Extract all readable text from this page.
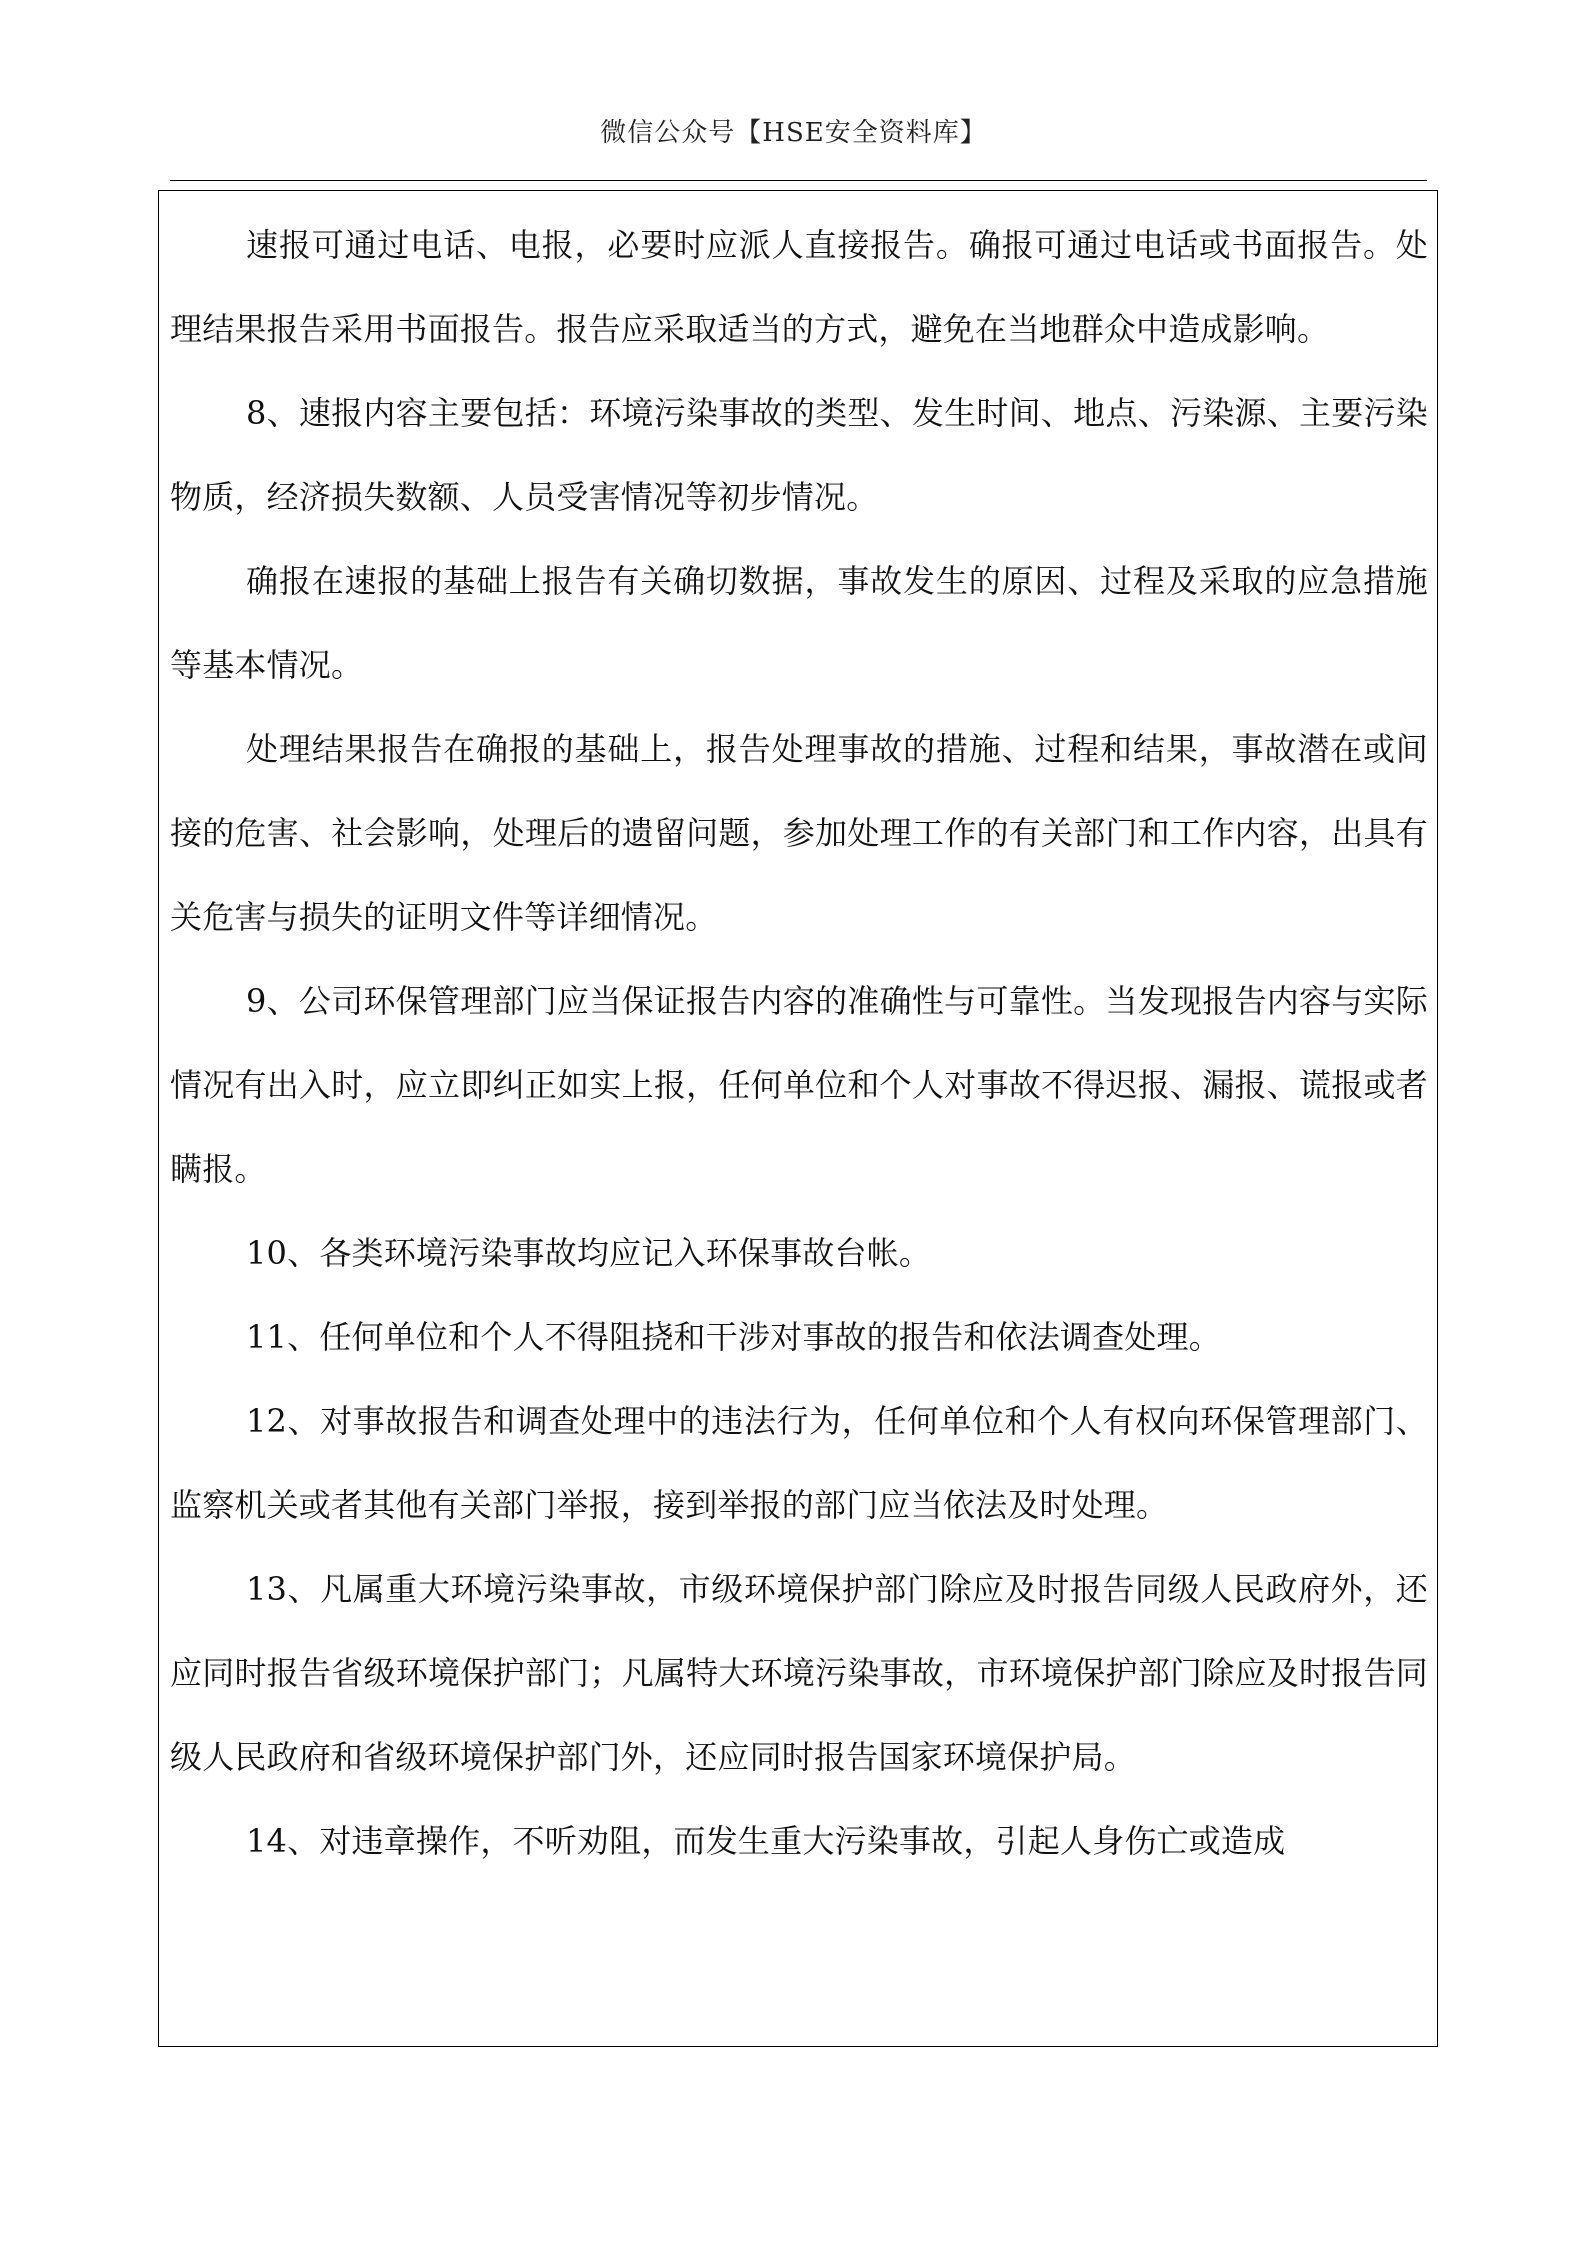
微信公众号【HSE安全资料库】

速报可通过电话、电报，必要时应派人直接报告。确报可通过电话或书面报告。处理结果报告采用书面报告。报告应采取适当的方式，避免在当地群众中造成影响。

8、速报内容主要包括：环境污染事故的类型、发生时间、地点、污染源、主要污染物质，经济损失数额、人员受害情况等初步情况。

确报在速报的基础上报告有关确切数据，事故发生的原因、过程及采取的应急措施等基本情况。

处理结果报告在确报的基础上，报告处理事故的措施、过程和结果，事故潜在或间接的危害、社会影响，处理后的遗留问题，参加处理工作的有关部门和工作内容，出具有关危害与损失的证明文件等详细情况。

9、公司环保管理部门应当保证报告内容的准确性与可靠性。当发现报告内容与实际情况有出入时，应立即纠正如实上报，任何单位和个人对事故不得迟报、漏报、谎报或者瞒报。

10、各类环境污染事故均应记入环保事故台帐。

11、任何单位和个人不得阻挠和干涉对事故的报告和依法调查处理。

12、对事故报告和调查处理中的违法行为，任何单位和个人有权向环保管理部门、监察机关或者其他有关部门举报，接到举报的部门应当依法及时处理。

13、凡属重大环境污染事故，市级环境保护部门除应及时报告同级人民政府外，还应同时报告省级环境保护部门；凡属特大环境污染事故，市环境保护部门除应及时报告同级人民政府和省级环境保护部门外，还应同时报告国家环境保护局。

14、对违章操作，不听劝阻，而发生重大污染事故，引起人身伤亡或造成
